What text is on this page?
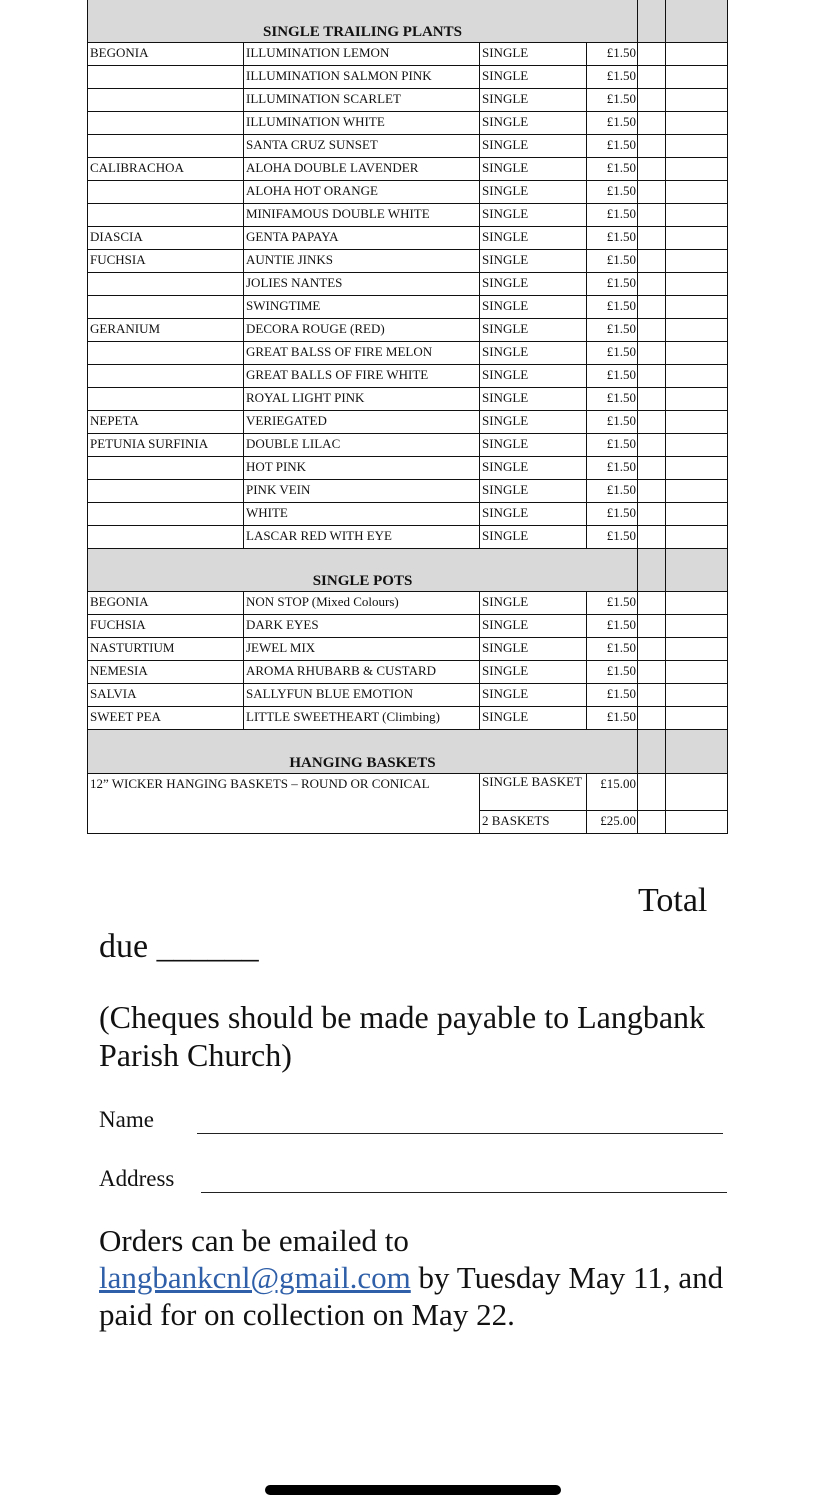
SINGLE TRAILING PLANTS					
BEGONIA	ILLUMINATION LEMON	SINGLE	£1.50		
	ILLUMINATION SALMON PINK	SINGLE	£1.50		
	ILLUMINATION SCARLET	SINGLE	£1.50		
	ILLUMINATION WHITE	SINGLE	£1.50		
	SANTA CRUZ SUNSET	SINGLE	£1.50		
CALIBRACHOA	ALOHA DOUBLE LAVENDER	SINGLE	£1.50		
	ALOHA HOT ORANGE	SINGLE	£1.50		
	MINIFAMOUS DOUBLE WHITE	SINGLE	£1.50		
DIASCIA	GENTA PAPAYA	SINGLE	£1.50		
FUCHSIA	AUNTIE JINKS	SINGLE	£1.50		
	JOLIES NANTES	SINGLE	£1.50		
	SWINGTIME	SINGLE	£1.50		
GERANIUM	DECORA ROUGE (RED)	SINGLE	£1.50		
	GREAT BALSS OF FIRE MELON	SINGLE	£1.50		
	GREAT BALLS OF FIRE WHITE	SINGLE	£1.50		
	ROYAL LIGHT PINK	SINGLE	£1.50		
NEPETA	VERIEGATED	SINGLE	£1.50		
PETUNIA SURFINIA	DOUBLE LILAC	SINGLE	£1.50		
	HOT PINK	SINGLE	£1.50		
	PINK VEIN	SINGLE	£1.50		
	WHITE	SINGLE	£1.50		
	LASCAR RED WITH EYE	SINGLE	£1.50		
SINGLE POTS					
BEGONIA	NON STOP (Mixed Colours)	SINGLE	£1.50		
FUCHSIA	DARK EYES	SINGLE	£1.50		
NASTURTIUM	JEWEL MIX	SINGLE	£1.50		
NEMESIA	AROMA RHUBARB & CUSTARD	SINGLE	£1.50		
SALVIA	SALLYFUN BLUE EMOTION	SINGLE	£1.50		
SWEET PEA	LITTLE SWEETHEART (Climbing)	SINGLE	£1.50		
HANGING BASKETS					
12” WICKER HANGING BASKETS – ROUND OR CONICAL		SINGLE BASKET	£15.00		
		2 BASKETS	£25.00		
Total
due ______
(Cheques should be made payable to Langbank Parish Church)
Name
Address
Orders can be emailed to
langbankcnl@gmail.com by Tuesday May 11, and paid for on collection on May 22.
